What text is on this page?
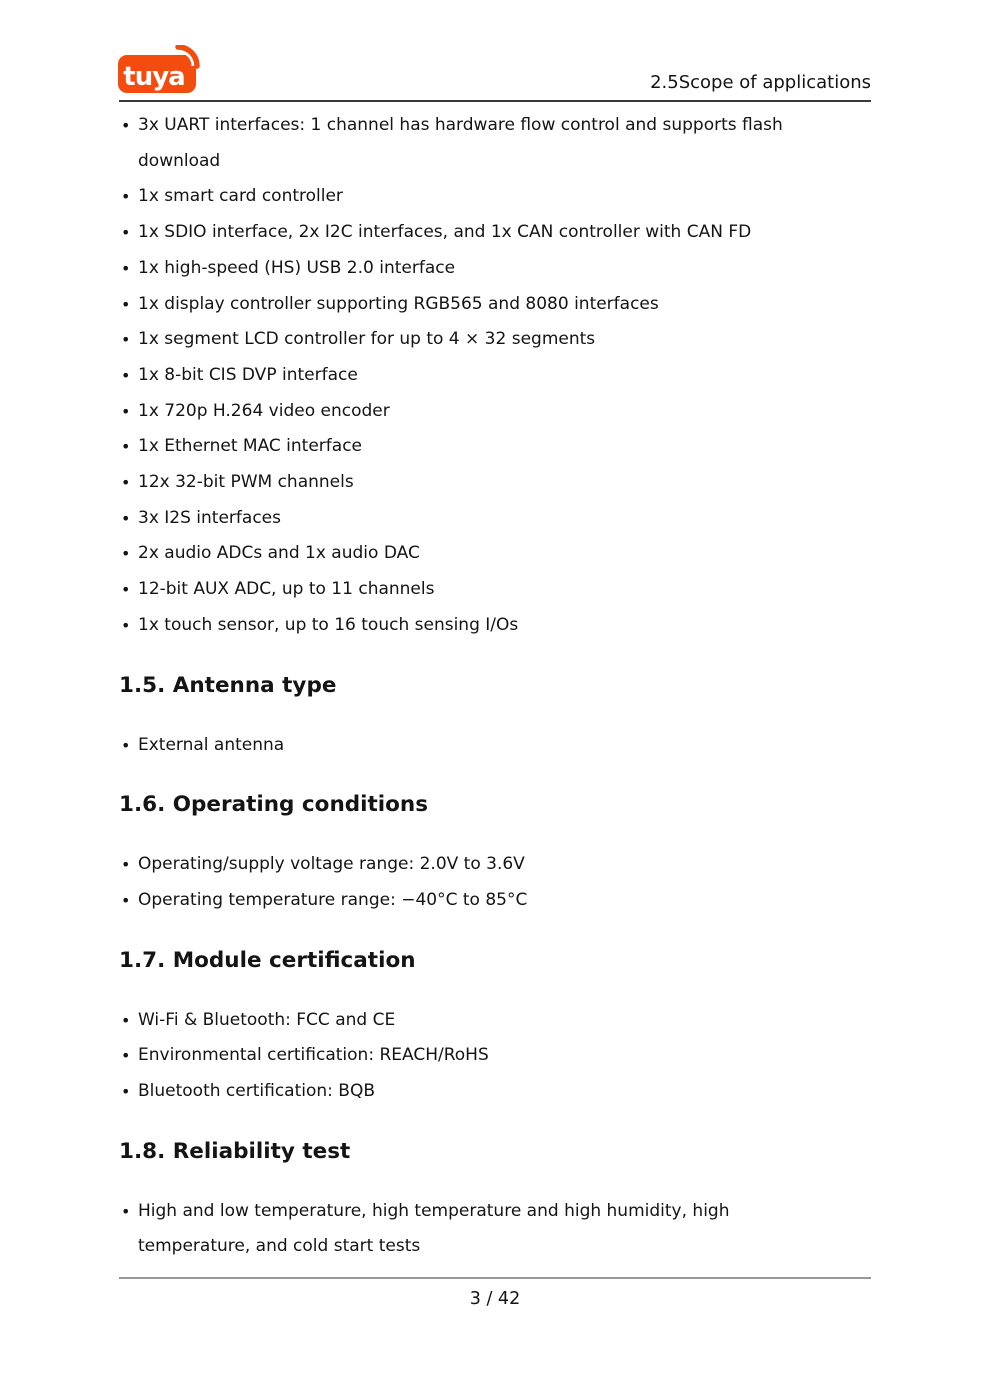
tuya	2.5Scope of applications
• 3x UART interfaces: 1 channel has hardware flow control and supports flash download
• 1x smart card controller
• 1x SDIO interface, 2x I2C interfaces, and 1x CAN controller with CAN FD
• 1x high-speed (HS) USB 2.0 interface
• 1x display controller supporting RGB565 and 8080 interfaces
• 1x segment LCD controller for up to 4 × 32 segments
• 1x 8-bit CIS DVP interface
• 1x 720p H.264 video encoder
• 1x Ethernet MAC interface
• 12x 32-bit PWM channels
• 3x I2S interfaces
• 2x audio ADCs and 1x audio DAC
• 12-bit AUX ADC, up to 11 channels
• 1x touch sensor, up to 16 touch sensing I/Os
1.5. Antenna type
• External antenna
1.6. Operating conditions
• Operating/supply voltage range: 2.0V to 3.6V
• Operating temperature range: −40°C to 85°C
1.7. Module certification
• Wi-Fi & Bluetooth: FCC and CE
• Environmental certification: REACH/RoHS
• Bluetooth certification: BQB
1.8. Reliability test
• High and low temperature, high temperature and high humidity, high temperature, and cold start tests
3 / 42
